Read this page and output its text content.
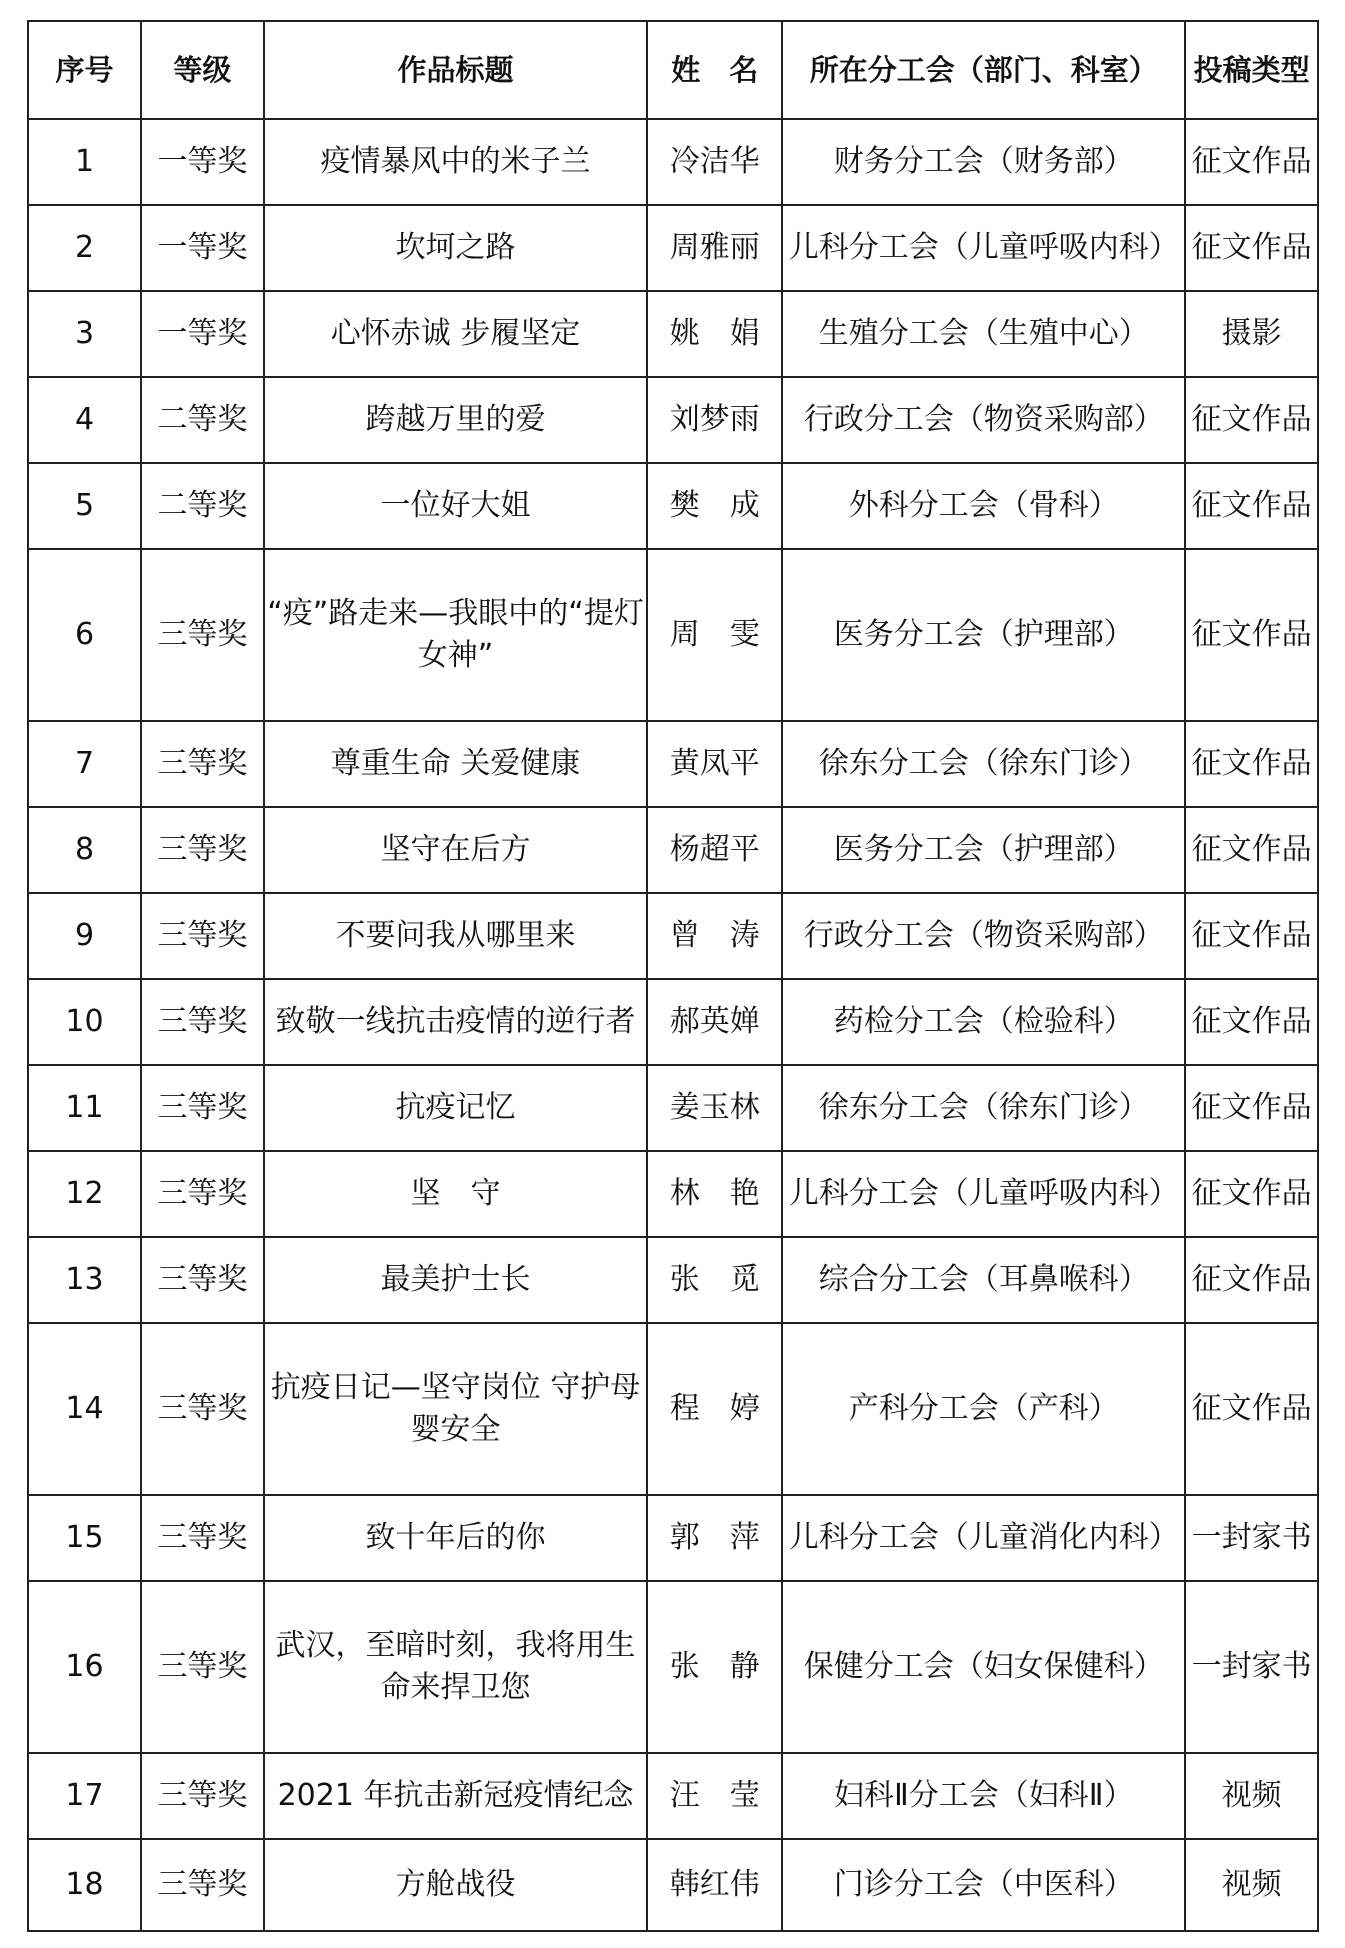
序号	等级	作品标题	姓　名	所在分工会（部门、科室）	投稿类型
1	一等奖	疫情暴风中的米子兰	冷洁华	财务分工会（财务部）	征文作品
2	一等奖	坎坷之路	周雅丽	儿科分工会（儿童呼吸内科）	征文作品
3	一等奖	心怀赤诚 步履坚定	姚　娟	生殖分工会（生殖中心）	摄影
4	二等奖	跨越万里的爱	刘梦雨	行政分工会（物资采购部）	征文作品
5	二等奖	一位好大姐	樊　成	外科分工会（骨科）	征文作品
6	三等奖	“疫”路走来—我眼中的“提灯女神”	周　雯	医务分工会（护理部）	征文作品
7	三等奖	尊重生命 关爱健康	黄凤平	徐东分工会（徐东门诊）	征文作品
8	三等奖	坚守在后方	杨超平	医务分工会（护理部）	征文作品
9	三等奖	不要问我从哪里来	曾　涛	行政分工会（物资采购部）	征文作品
10	三等奖	致敬一线抗击疫情的逆行者	郝英婵	药检分工会（检验科）	征文作品
11	三等奖	抗疫记忆	姜玉林	徐东分工会（徐东门诊）	征文作品
12	三等奖	坚　守	林　艳	儿科分工会（儿童呼吸内科）	征文作品
13	三等奖	最美护士长	张　觅	综合分工会（耳鼻喉科）	征文作品
14	三等奖	抗疫日记—坚守岗位 守护母婴安全	程　婷	产科分工会（产科）	征文作品
15	三等奖	致十年后的你	郭　萍	儿科分工会（儿童消化内科）	一封家书
16	三等奖	武汉，至暗时刻，我将用生命来捍卫您	张　静	保健分工会（妇女保健科）	一封家书
17	三等奖	2021 年抗击新冠疫情纪念	汪　莹	妇科Ⅱ分工会（妇科Ⅱ）	视频
18	三等奖	方舱战役	韩红伟	门诊分工会（中医科）	视频
